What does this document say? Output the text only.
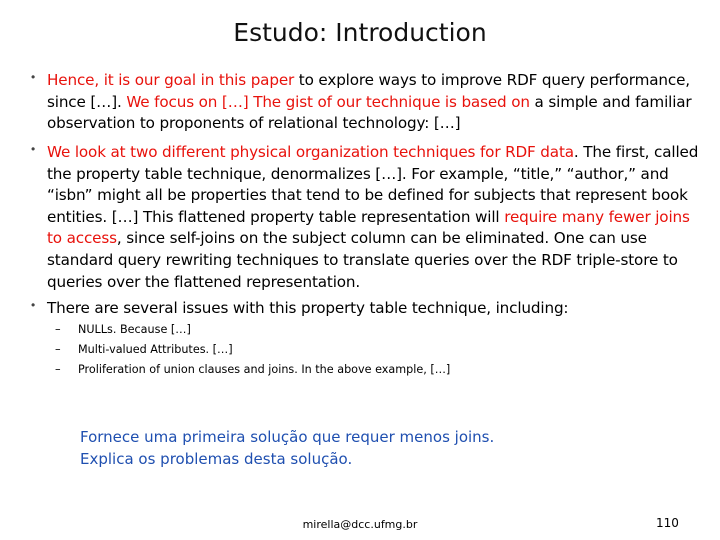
Estudo: Introduction
• Hence, it is our goal in this paper to explore ways to improve RDF query performance, since […]. We focus on […] The gist of our technique is based on a simple and familiar observation to proponents of relational technology: […]
• We look at two different physical organization techniques for RDF data. The first, called the property table technique, denormalizes […]. For example, “title,” “author,” and “isbn” might all be properties that tend to be defined for subjects that represent book entities. […] This flattened property table representation will require many fewer joins to access, since self-joins on the subject column can be eliminated. One can use standard query rewriting techniques to translate queries over the RDF triple-store to queries over the flattened representation.
• There are several issues with this property table technique, including:
– NULLs. Because […]
– Multi-valued Attributes. […]
– Proliferation of union clauses and joins. In the above example, […]
Fornece uma primeira solução que requer menos joins.
Explica os problemas desta solução.
mirella@dcc.ufmg.br	110
